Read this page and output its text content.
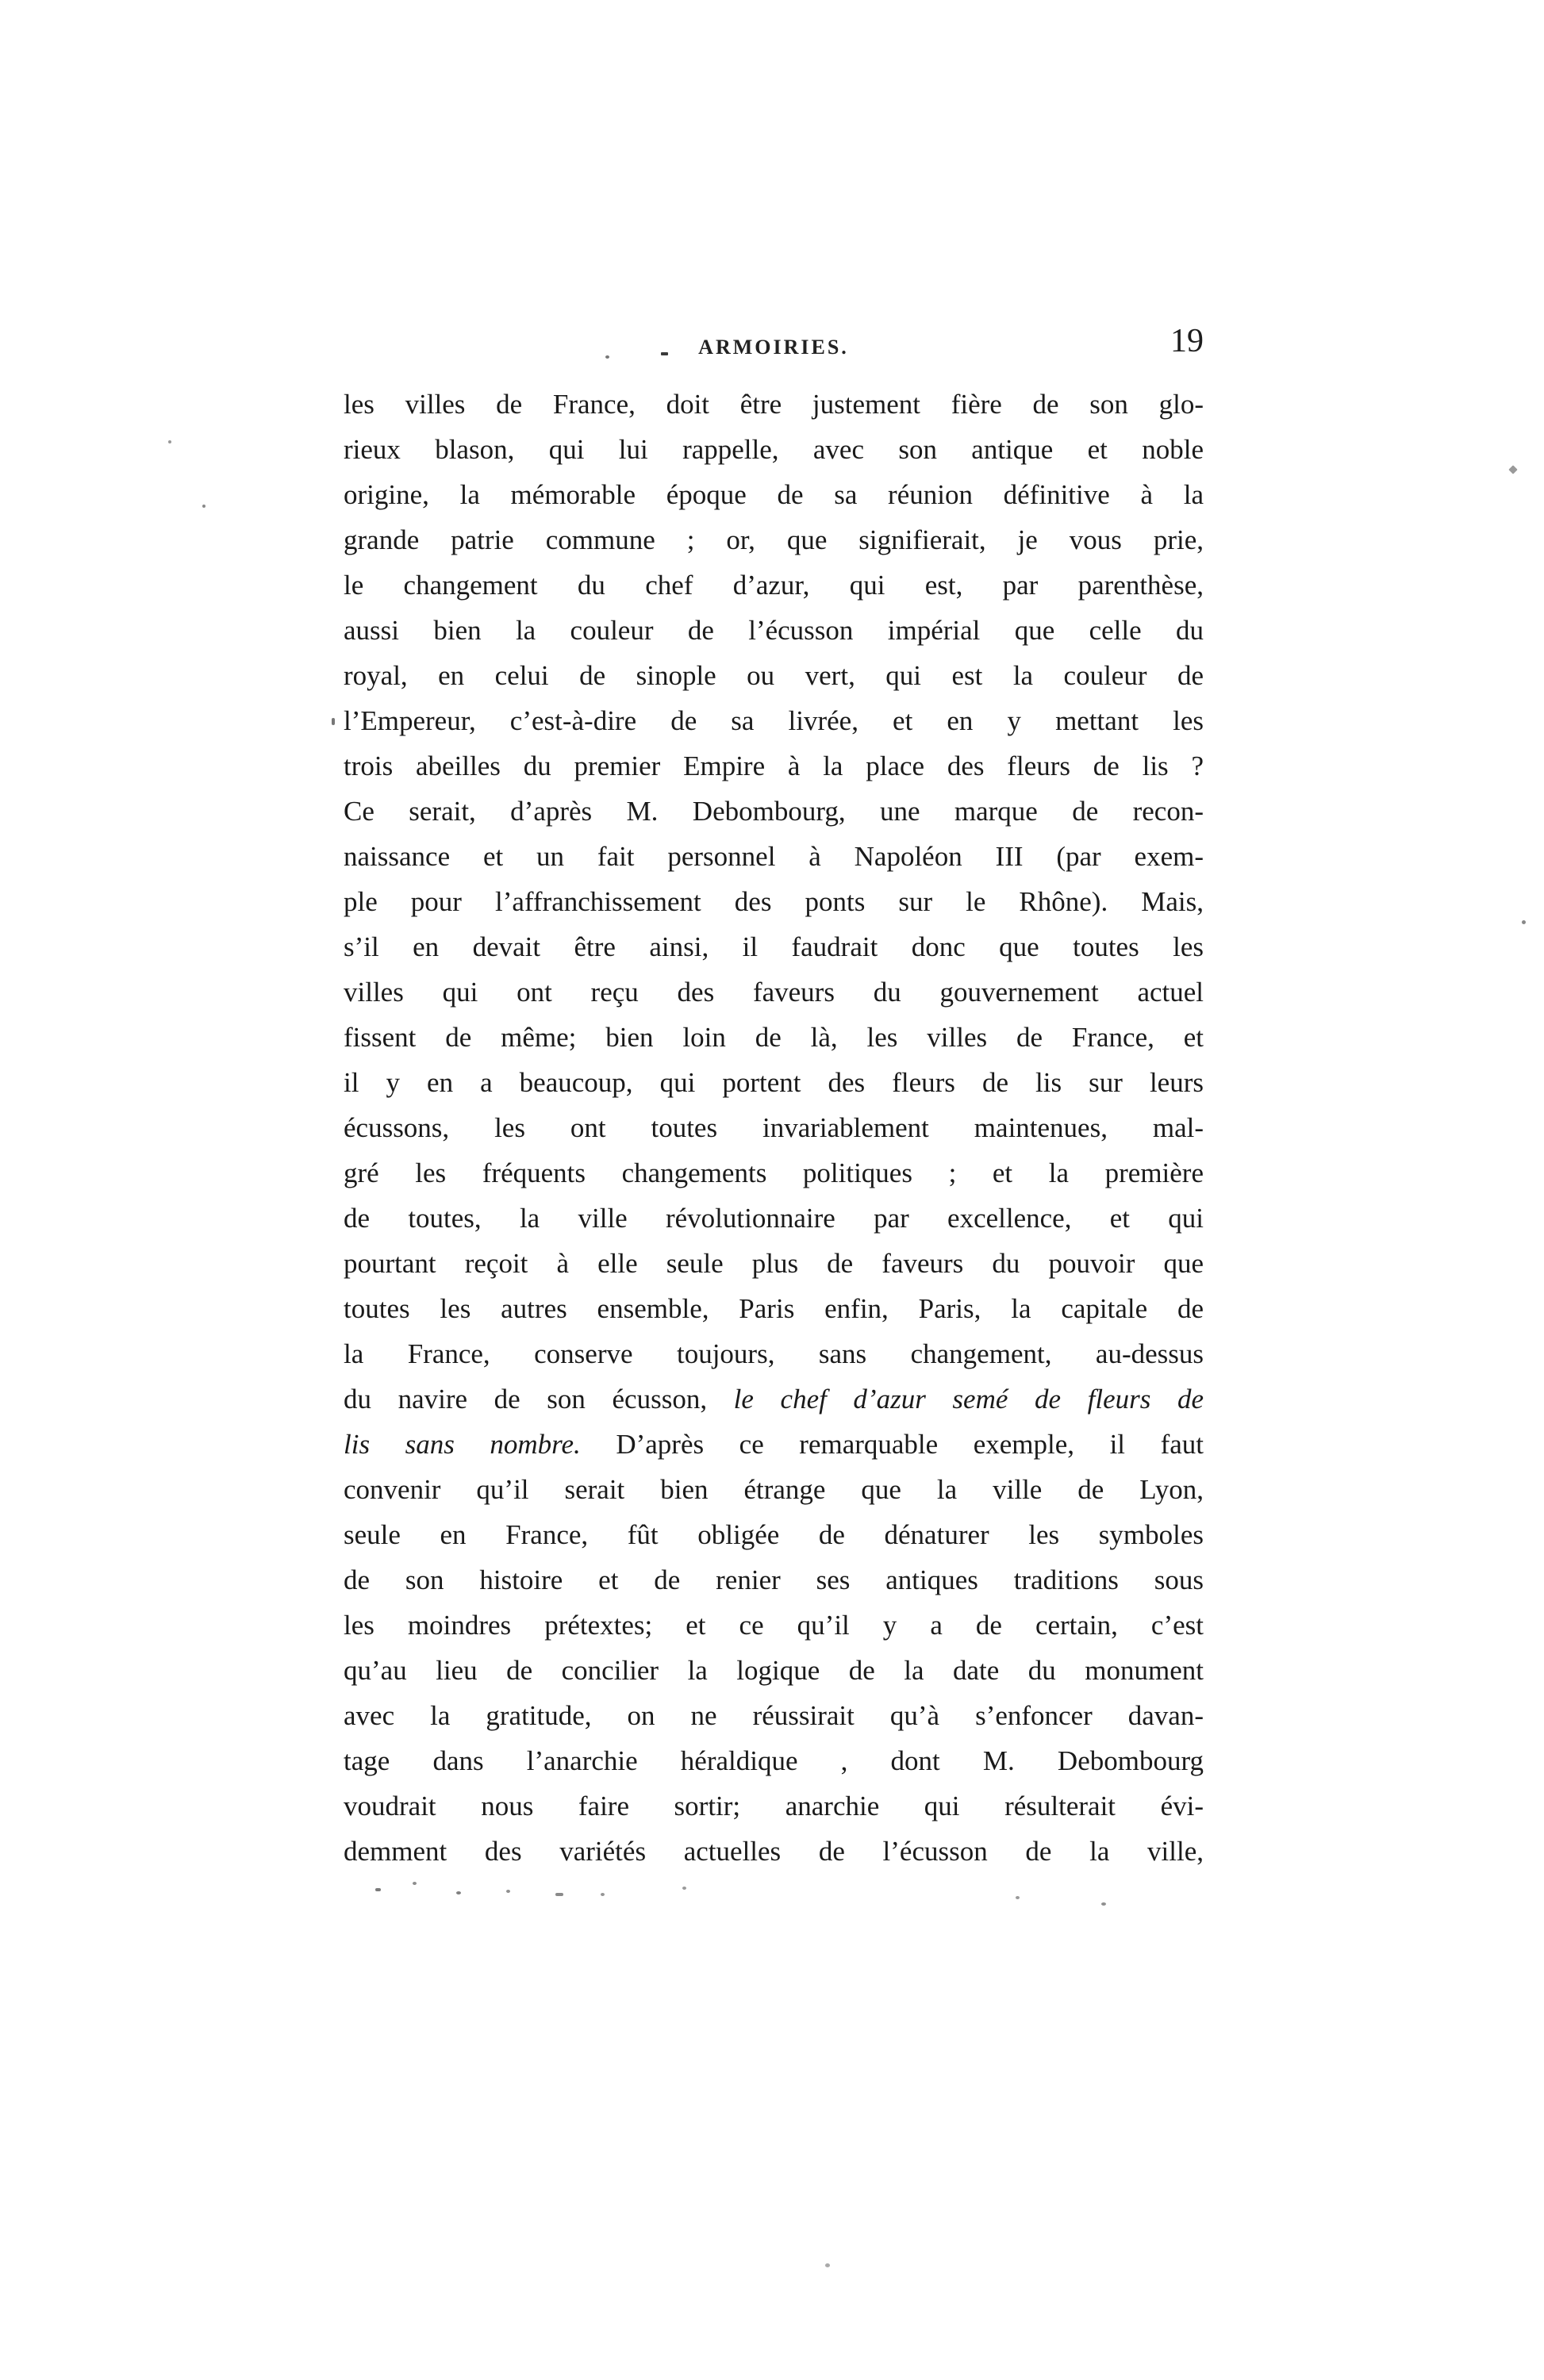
ARMOIRIES.	19
les villes de France, doit être justement fière de son glo-
rieux blason, qui lui rappelle, avec son antique et noble
origine, la mémorable époque de sa réunion définitive à la
grande patrie commune ; or, que signifierait, je vous prie,
le changement du chef d’azur, qui est, par parenthèse,
aussi bien la couleur de l’écusson impérial que celle du
royal, en celui de sinople ou vert, qui est la couleur de
l’Empereur, c’est-à-dire de sa livrée, et en y mettant les
trois abeilles du premier Empire à la place des fleurs de lis ?
Ce serait, d’après M. Debombourg, une marque de recon-
naissance et un fait personnel à Napoléon III (par exem-
ple pour l’affranchissement des ponts sur le Rhône). Mais,
s’il en devait être ainsi, il faudrait donc que toutes les
villes qui ont reçu des faveurs du gouvernement actuel
fissent de même; bien loin de là, les villes de France, et
il y en a beaucoup, qui portent des fleurs de lis sur leurs
écussons, les ont toutes invariablement maintenues, mal-
gré les fréquents changements politiques ; et la première
de toutes, la ville révolutionnaire par excellence, et qui
pourtant reçoit à elle seule plus de faveurs du pouvoir que
toutes les autres ensemble, Paris enfin, Paris, la capitale de
la France, conserve toujours, sans changement, au-dessus
du navire de son écusson, le chef d’azur semé de fleurs de
lis sans nombre. D’après ce remarquable exemple, il faut
convenir qu’il serait bien étrange que la ville de Lyon,
seule en France, fût obligée de dénaturer les symboles
de son histoire et de renier ses antiques traditions sous
les moindres prétextes; et ce qu’il y a de certain, c’est
qu’au lieu de concilier la logique de la date du monument
avec la gratitude, on ne réussirait qu’à s’enfoncer davan-
tage dans l’anarchie héraldique , dont M. Debombourg
voudrait nous faire sortir; anarchie qui résulterait évi-
demment des variétés actuelles de l’écusson de la ville,
